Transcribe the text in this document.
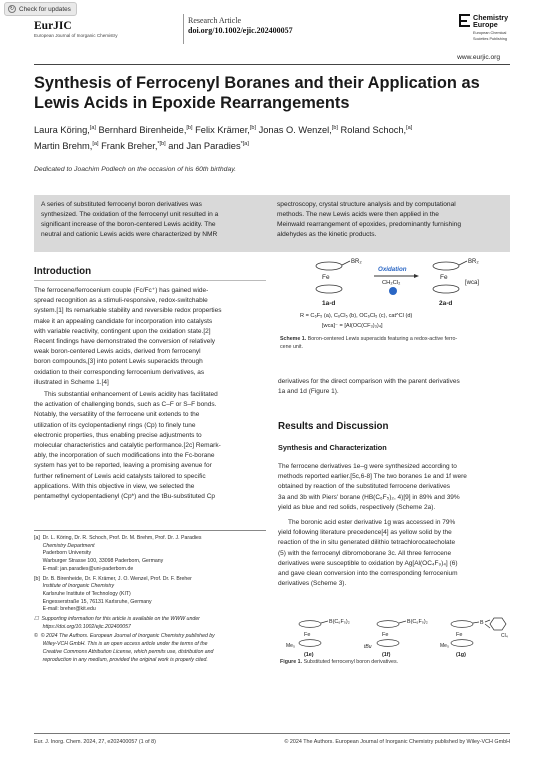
↻ Check for updates
EurJIC
European Journal of Inorganic Chemistry
Research Article
doi.org/10.1002/ejic.202400057
Chemistry
Europe
European Chemical
Societies Publishing
www.eurjic.org
Synthesis of Ferrocenyl Boranes and their Application as
Lewis Acids in Epoxide Rearrangements
Laura Köring,[a] Bernhard Birenheide,[b] Felix Krämer,[b] Jonas O. Wenzel,[b] Roland Schoch,[a]
Martin Brehm,[a] Frank Breher,$^{*[b]}$ and Jan Paradies$^{*[a]}$
Dedicated to Joachim Podlech on the occasion of his 60th birthday.
A series of substituted ferrocenyl boron derivatives was
synthesized. The oxidation of the ferrocenyl unit resulted in a
significant increase of the boron-centered Lewis acidity. The
neutral and cationic Lewis acids were characterized by NMR
spectroscopy, crystal structure analysis and by computational
methods. The new Lewis acids were then applied in the
Meinwald rearrangement of epoxides, predominantly furnishing
aldehydes as the kinetic products.
Introduction
The ferrocene/ferrocenium couple (Fc/Fc⁺) has gained wide-
spread recognition as a stimuli-responsive, redox-switchable
system.[1] Its remarkable stability and reversible redox properties
make it an appealing candidate for incorporation into catalysts
with variable reactivity, contingent upon the oxidation state.[2]
Recent findings have demonstrated the conversion of relatively
weak boron-centered Lewis acids, derived from ferrocenyl
boron compounds,[3] into potent Lewis superacids through
oxidation to their corresponding ferrocenium derivatives, as
illustrated in Scheme 1.[4]
This substantial enhancement of Lewis acidity has facilitated
the activation of challenging bonds, such as C–F or S–F bonds.
Notably, the versatility of the ferrocene unit extends to the
utilization of its cyclopentadienyl rings (Cp) to finely tune
electronic properties, thus enabling precise adjustments to
molecular characteristics and catalytic performance.[2c] Remark-
ably, the incorporation of such modifications into the Fc-borane
system has yet to be reported, leaving a promising avenue for
further refinement of Lewis acid catalysts tailored to specific
applications. With this objective in view, we selected the
pentamethyl cyclopentadienyl (Cp*) and the tBu-substituted Cp
[a]  Dr. L. Köring, Dr. R. Schoch, Prof. Dr. M. Brehm, Prof. Dr. J. Paradies
Chemistry Department
Paderborn University
Warburger Strasse 100, 33098 Paderborn, Germany
E-mail: jan.paradies@uni-paderborn.de
[b]  Dr. B. Birenheide, Dr. F. Krämer, J. O. Wenzel, Prof. Dr. F. Breher
Institute of Inorganic Chemistry
Karlsruhe Institute of Technology (KIT)
Engesserstraße 15, 76131 Karlsruhe, Germany
E-mail: breher@kit.edu
☐  Supporting information for this article is available on the WWW under
https://doi.org/10.1002/ejic.202400057
©  © 2024 The Authors. European Journal of Inorganic Chemistry published by
Wiley-VCH GmbH. This is an open access article under the terms of the
Creative Commons Attribution License, which permits use, distribution and
reproduction in any medium, provided the original work is properly cited.
Fe
BR₂
1a-d
Oxidation
CH₂Cl₂
Fe
BR₂
[wca]
2a-d
R = C₆F₅ (a), C₆Cl₅ (b), OC₆Cl₅ (c), cat^Cl (d)
[wca]⁻ = [Al(OC(CF₃)₃)₄]
Scheme 1. Boron-centered Lewis superacids featuring a redox-active ferro-
cene unit.
derivatives for the direct comparison with the parent derivatives
1a and 1d (Figure 1).
Results and Discussion
Synthesis and Characterization
The ferrocene derivatives 1e–g were synthesized according to
methods reported earlier.[5c,6-8] The two boranes 1e and 1f were
obtained by reaction of the substituted ferrocene derivatives
3a and 3b with Piers' borane (HB(C₆F₅)₂, 4)[9] in 89% and 39%
yield as blue and red solids, respectively (Scheme 2a).
The boronic acid ester derivative 1g was accessed in 79%
yield following literature precedence[4] as yellow solid by the
reaction of the in situ generated dilithio tetrachlorocatecholate
(5) with the ferrocenyl dibromoborane 3c. All three ferrocene
derivatives were susceptible to oxidation by Ag[Al(OC₄F₉)₄] (6)
and gave clean conversion into the corresponding ferrocenium
derivatives (Scheme 3).
Fe
B(C₆F₅)₂
Me₅
(1e)
Fe
B(C₆F₅)₂
tBu
(1f)
Fe
B
Cl₄
Me₅
(1g)
Figure 1. Substituted ferrocenyl boron derivatives.
Eur. J. Inorg. Chem. 2024, 27, e202400057 (1 of 8)	© 2024 The Authors. European Journal of Inorganic Chemistry published by Wiley-VCH GmbH
